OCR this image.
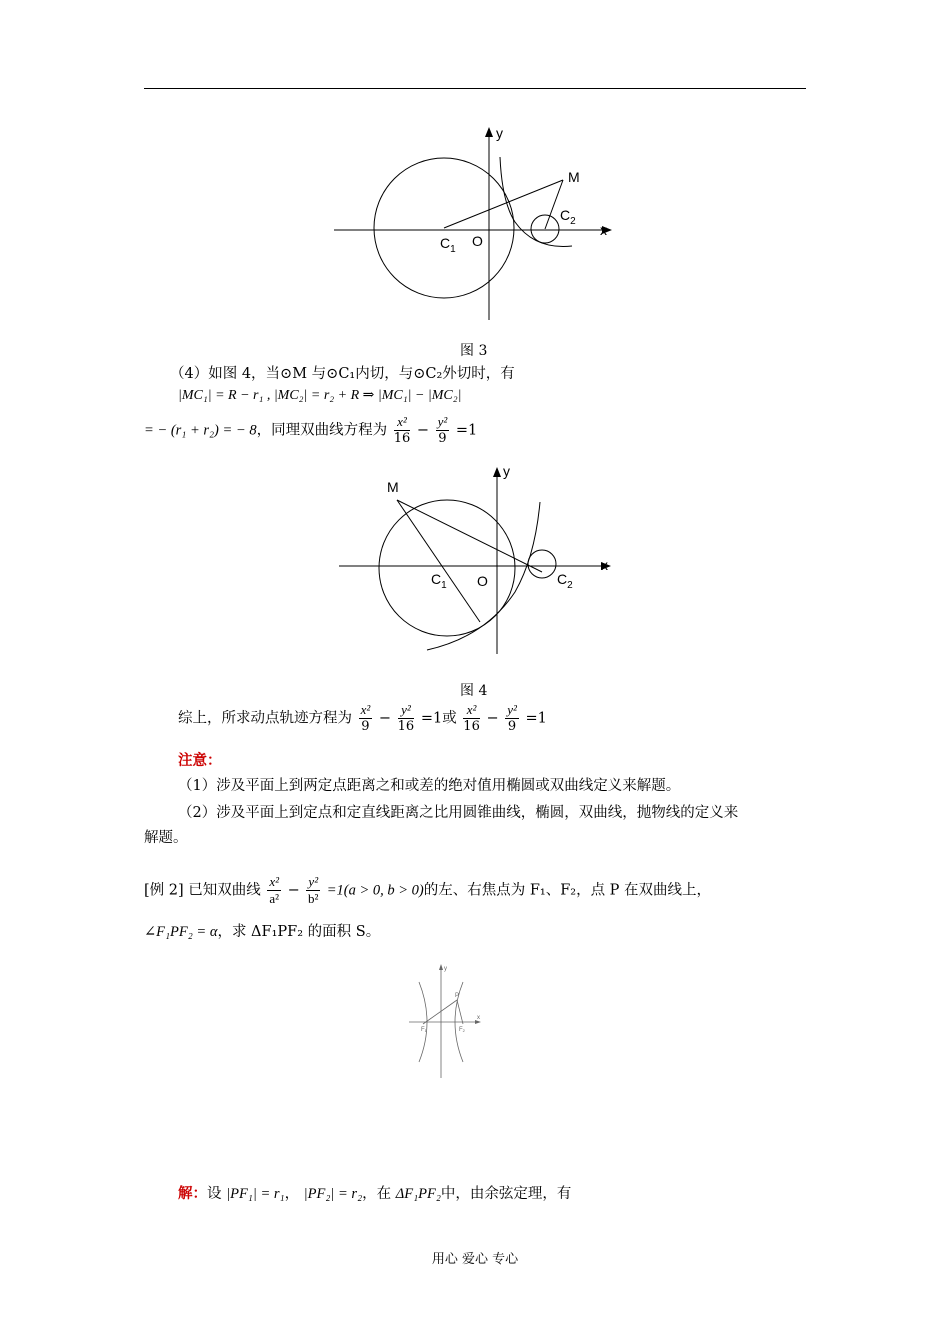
y
x
M
$C_1$
O
$C_2$
图 3
（4）如图 4，当⊙M 与⊙C₁内切，与⊙C₂外切时，有
|MC₁| = R − r₁ , |MC₂| = r₂ + R ⇒ |MC₁| − |MC₂|
= − (r₁ + r₂) = − 8，同理双曲线方程为 $\frac{\text{x²}}{16} - \frac{\text{y²}}{9} =1$
y
x
M
$C_1$ O	$C_2$
图 4
综上，所求动点轨迹方程为 $\frac{\text{x²}}{9} - \frac{\text{y²}}{16} =1$或 $\frac{\text{x²}}{16} - \frac{\text{y²}}{9} =1$
注意：
（1）涉及平面上到两定点距离之和或差的绝对值用椭圆或双曲线定义来解题。
（2）涉及平面上到定点和定直线距离之比用圆锥曲线，椭圆，双曲线，抛物线的定义来
解题。
[例 2] 已知双曲线 $\frac{\text{x²}}{\text{a²}} - \frac{\text{y²}}{\text{b²}} =1(a > 0$, b > 0)的左、右焦点为 F₁、F₂，点 P 在双曲线上，
∠F₁PF₂ = α，求 ΔF₁PF₂ 的面积 S。
y
x
P
F1	F2
解：设 |PF₁| = r₁， |PF₂| = r₂，在 ΔF₁PF₂中，由余弦定理，有
用心 爱心 专心
